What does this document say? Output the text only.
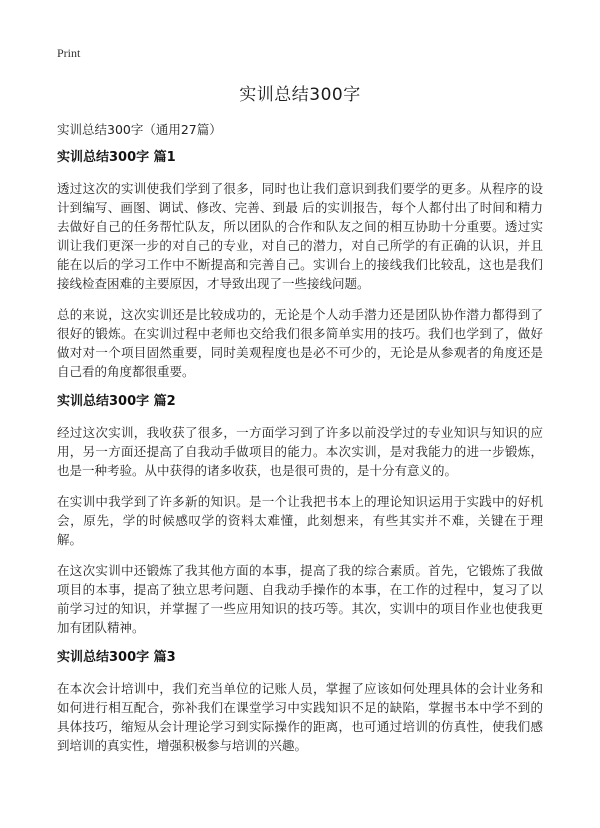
Print
实训总结300字

实训总结300字（通用27篇）

实训总结300字 篇1

透过这次的实训使我们学到了很多，同时也让我们意识到我们要学的更多。从程序的设计到编写、画图、调试、修改、完善、到最 后的实训报告，每个人都付出了时间和精力去做好自己的任务帮忙队友，所以团队的合作和队友之间的相互协助十分重要。透过实训让我们更深一步的对自己的专业，对自己的潜力，对自己所学的有正确的认识，并且能在以后的学习工作中不断提高和完善自己。实训台上的接线我们比较乱，这也是我们接线检查困难的主要原因，才导致出现了一些接线问题。

总的来说，这次实训还是比较成功的，无论是个人动手潜力还是团队协作潜力都得到了很好的锻炼。在实训过程中老师也交给我们很多简单实用的技巧。我们也学到了，做好做对对一个项目固然重要，同时美观程度也是必不可少的，无论是从参观者的角度还是自己看的角度都很重要。

实训总结300字 篇2

经过这次实训，我收获了很多，一方面学习到了许多以前没学过的专业知识与知识的应用，另一方面还提高了自我动手做项目的能力。本次实训，是对我能力的进一步锻炼，也是一种考验。从中获得的诸多收获，也是很可贵的，是十分有意义的。

在实训中我学到了许多新的知识。是一个让我把书本上的理论知识运用于实践中的好机会，原先，学的时候感叹学的资料太难懂，此刻想来，有些其实并不难，关键在于理解。

在这次实训中还锻炼了我其他方面的本事，提高了我的综合素质。首先，它锻炼了我做项目的本事，提高了独立思考问题、自我动手操作的本事，在工作的过程中，复习了以前学习过的知识，并掌握了一些应用知识的技巧等。其次，实训中的项目作业也使我更加有团队精神。

实训总结300字 篇3

在本次会计培训中，我们充当单位的记账人员，掌握了应该如何处理具体的会计业务和如何进行相互配合，弥补我们在课堂学习中实践知识不足的缺陷，掌握书本中学不到的具体技巧，缩短从会计理论学习到实际操作的距离，也可通过培训的仿真性，使我们感到培训的真实性，增强积极参与培训的兴趣。
